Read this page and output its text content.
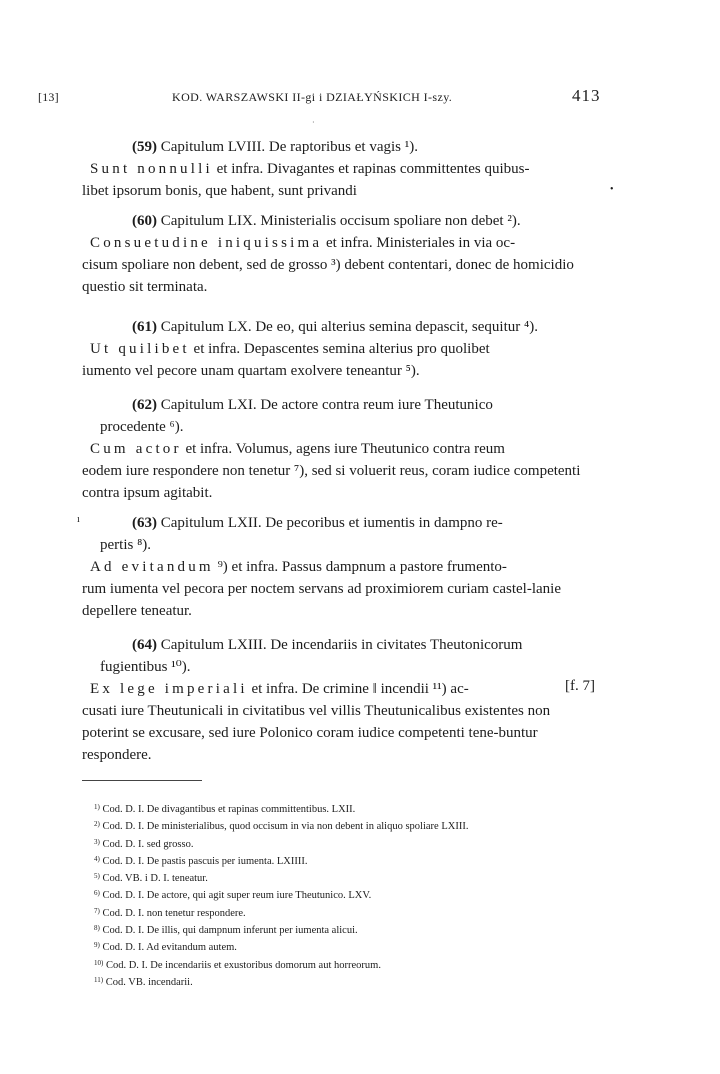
[13]	KOD. WARSZAWSKI II-gi i DZIAŁYŃSKICH I-szy.	413
·
•

(59) Capitulum LVIII. De raptoribus et vagis ¹).

Sunt nonnulli et infra. Divagantes et rapinas committentes quibus-
libet ipsorum bonis, que habent, sunt privandi

(60) Capitulum LIX. Ministerialis occisum spoliare non debet ²).

Consuetudine iniquissima et infra. Ministeriales in via oc-
cisum spoliare non debent, sed de grosso ³) debent contentari, donec de homicidio questio sit terminata.

(61) Capitulum LX. De eo, qui alterius semina depascit, sequitur ⁴).

Ut quilibet et infra. Depascentes semina alterius pro quolibet
iumento vel pecore unam quartam exolvere teneantur ⁵).

(62) Capitulum LXI. De actore contra reum iure Theutunico
procedente ⁶).

Cum actor et infra. Volumus, agens iure Theutunico contra reum
eodem iure respondere non tenetur ⁷), sed si voluerit reus, coram iudice competenti contra ipsum agitabit.

ı	(63) Capitulum LXII. De pecoribus et iumentis in dampno re-
pertis ⁸).

Ad evitandum ⁹) et infra. Passus dampnum a pastore frumento-
rum iumenta vel pecora per noctem servans ad proximiorem curiam castel-lanie depellere teneatur.

(64) Capitulum LXIII. De incendariis in civitates Theutonicorum
fugientibus ¹⁰).

Ex lege imperiali et infra. De crimine ‖ incendii ¹¹) ac-
cusati iure Theutunicali in civitatibus vel villis Theutunicalibus existentes non poterint se excusare, sed iure Polonico coram iudice competenti tene-buntur respondere.

[f. 7]
$^{1)}$ Cod. D. I. De divagantibus et rapinas committentibus. LXII.
$^{2)}$ Cod. D. I. De ministerialibus, quod occisum in via non debent in aliquo spoliare LXIII.
$^{3)}$ Cod. D. I. sed grosso.
$^{4)}$ Cod. D. I. De pastis pascuis per iumenta. LXIIII.
$^{5)}$ Cod. VB. i D. I. teneatur.
$^{6)}$ Cod. D. I. De actore, qui agit super reum iure Theutunico. LXV.
$^{7)}$ Cod. D. I. non tenetur respondere.
$^{8)}$ Cod. D. I. De illis, qui dampnum inferunt per iumenta alicui.
$^{9)}$ Cod. D. I. Ad evitandum autem.
$^{10)}$ Cod. D. I. De incendariis et exustoribus domorum aut horreorum.
$^{11)}$ Cod. VB. incendarii.
